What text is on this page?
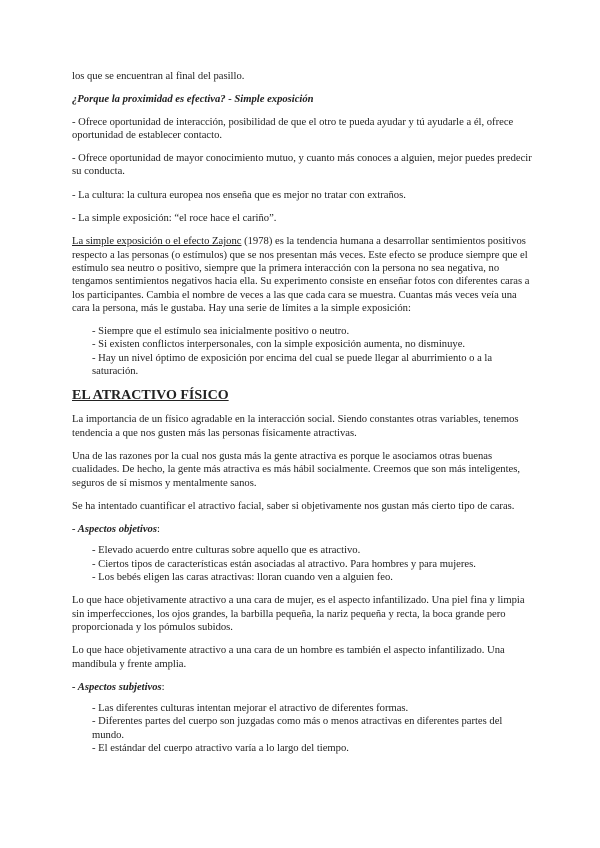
los que se encuentran al final del pasillo.

¿Porque la proximidad es efectiva? - Simple exposición

- Ofrece oportunidad de interacción, posibilidad de que el otro te pueda ayudar y tú ayudarle a él, ofrece oportunidad de establecer contacto.

- Ofrece oportunidad de mayor conocimiento mutuo, y cuanto más conoces a alguien, mejor puedes predecir su conducta.

- La cultura: la cultura europea nos enseña que es mejor no tratar con extraños.

- La simple exposición: “el roce hace el cariño”.

La simple exposición o el efecto Zajonc (1978) es la tendencia humana a desarrollar sentimientos positivos respecto a las personas (o estímulos) que se nos presentan más veces. Este efecto se produce siempre que el estímulo sea neutro o positivo, siempre que la primera interacción con la persona no sea negativa, no tengamos sentimientos negativos hacia ella. Su experimento consiste en enseñar fotos con diferentes caras a los participantes. Cambia el nombre de veces a las que cada cara se muestra. Cuantas más veces veía una cara la persona, más le gustaba. Hay una serie de límites a la simple exposición:

- Siempre que el estímulo sea inicialmente positivo o neutro.
- Si existen conflictos interpersonales, con la simple exposición aumenta, no disminuye.
- Hay un nivel óptimo de exposición por encima del cual se puede llegar al aburrimiento o a la saturación.
EL ATRACTIVO FÍSICO

La importancia de un físico agradable en la interacción social. Siendo constantes otras variables, tenemos tendencia a que nos gusten más las personas físicamente atractivas.

Una de las razones por la cual nos gusta más la gente atractiva es porque le asociamos otras buenas cualidades. De hecho, la gente más atractiva es más hábil socialmente. Creemos que son más inteligentes, seguros de sí mismos y mentalmente sanos.

Se ha intentado cuantificar el atractivo facial, saber si objetivamente nos gustan más cierto tipo de caras.

- Aspectos objetivos:

- Elevado acuerdo entre culturas sobre aquello que es atractivo.
- Ciertos tipos de características están asociadas al atractivo. Para hombres y para mujeres.
- Los bebés eligen las caras atractivas: lloran cuando ven a alguien feo.

Lo que hace objetivamente atractivo a una cara de mujer, es el aspecto infantilizado. Una piel fina y limpia sin imperfecciones, los ojos grandes, la barbilla pequeña, la nariz pequeña y recta, la boca grande pero proporcionada y los pómulos subidos.

Lo que hace objetivamente atractivo a una cara de un hombre es también el aspecto infantilizado. Una mandíbula y frente amplia.

- Aspectos subjetivos:

- Las diferentes culturas intentan mejorar el atractivo de diferentes formas.
- Diferentes partes del cuerpo son juzgadas como más o menos atractivas en diferentes partes del mundo.
- El estándar del cuerpo atractivo varía a lo largo del tiempo.
